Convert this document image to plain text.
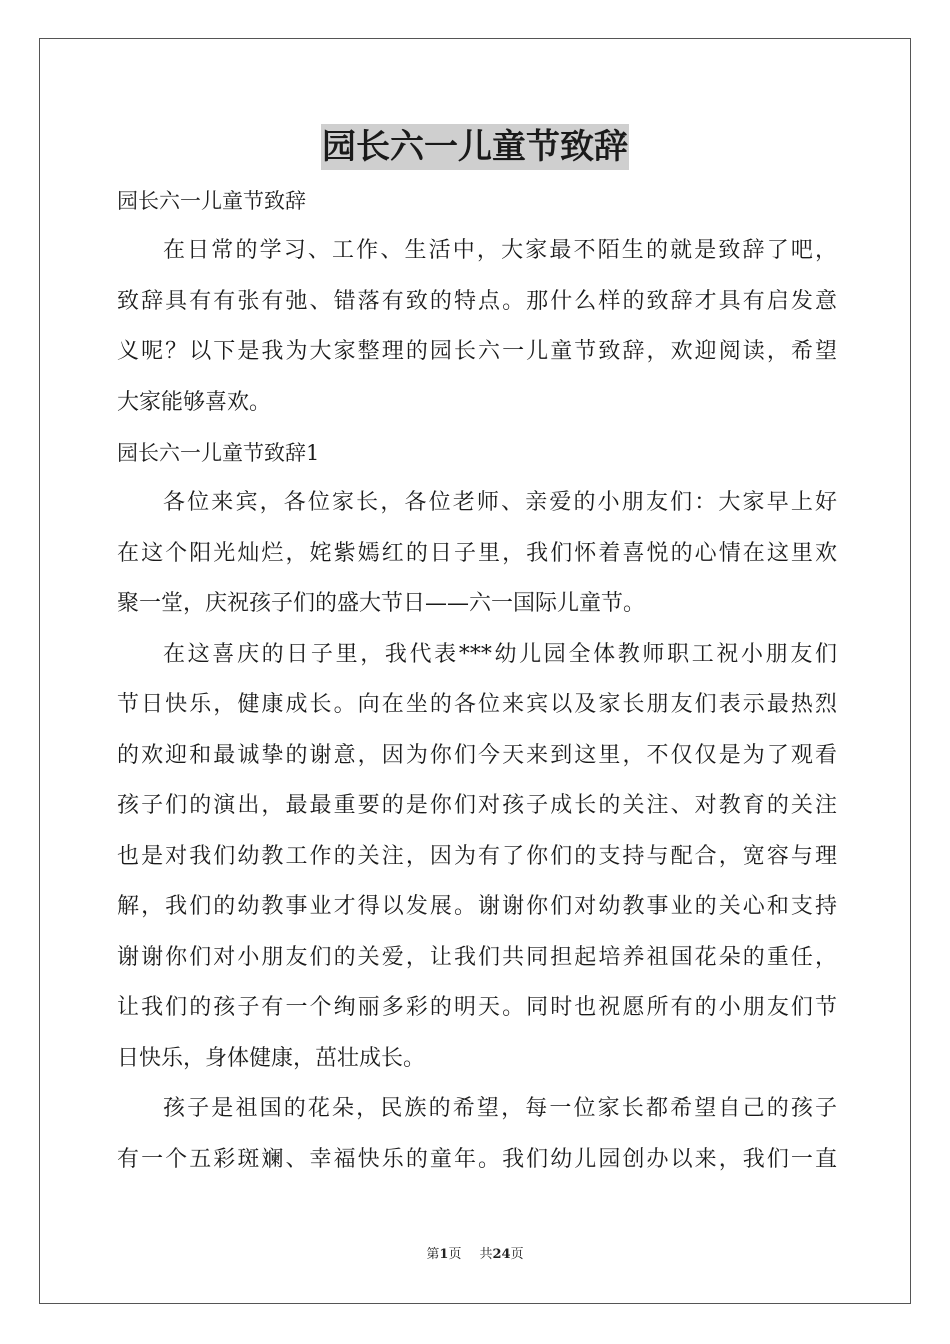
园长六一儿童节致辞
园长六一儿童节致辞
在日常的学习、工作、生活中，大家最不陌生的就是致辞了吧，
致辞具有有张有弛、错落有致的特点。那什么样的致辞才具有启发意
义呢？以下是我为大家整理的园长六一儿童节致辞，欢迎阅读，希望
大家能够喜欢。
园长六一儿童节致辞1
各位来宾，各位家长，各位老师、亲爱的小朋友们：大家早上好
在这个阳光灿烂，姹紫嫣红的日子里，我们怀着喜悦的心情在这里欢
聚一堂，庆祝孩子们的盛大节日——六一国际儿童节。
在这喜庆的日子里，我代表***幼儿园全体教师职工祝小朋友们
节日快乐，健康成长。向在坐的各位来宾以及家长朋友们表示最热烈
的欢迎和最诚挚的谢意，因为你们今天来到这里，不仅仅是为了观看
孩子们的演出，最最重要的是你们对孩子成长的关注、对教育的关注
也是对我们幼教工作的关注，因为有了你们的支持与配合，宽容与理
解，我们的幼教事业才得以发展。谢谢你们对幼教事业的关心和支持
谢谢你们对小朋友们的关爱，让我们共同担起培养祖国花朵的重任，
让我们的孩子有一个绚丽多彩的明天。同时也祝愿所有的小朋友们节
日快乐，身体健康，茁壮成长。
孩子是祖国的花朵，民族的希望，每一位家长都希望自己的孩子
有一个五彩斑斓、幸福快乐的童年。我们幼儿园创办以来，我们一直
第1页 共24页
